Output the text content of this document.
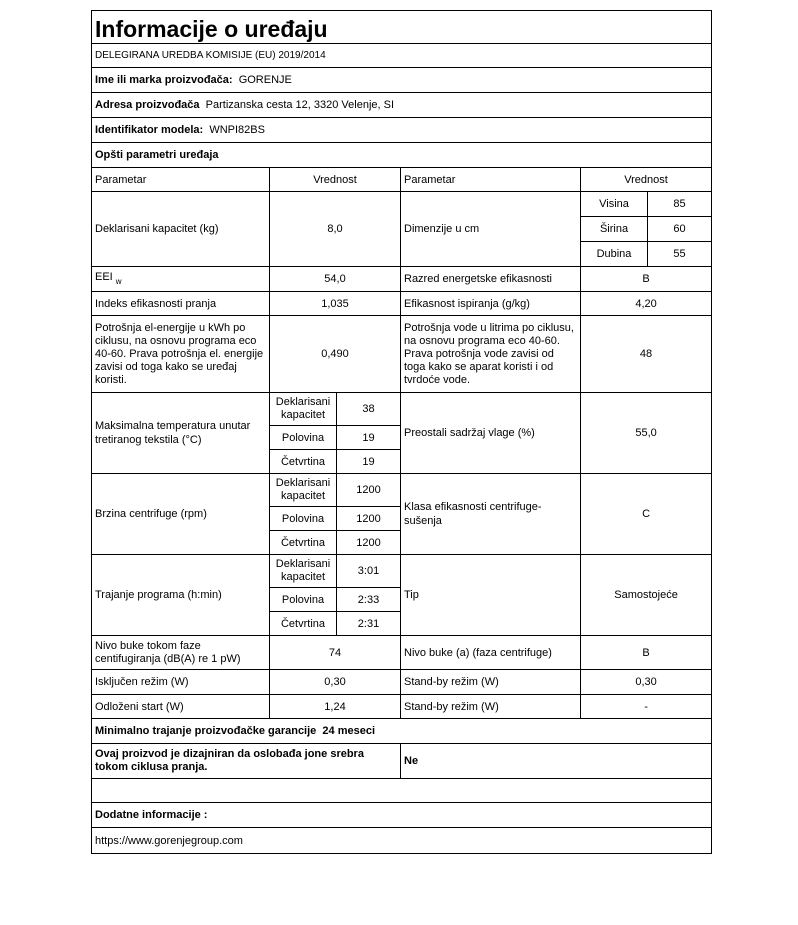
Informacije o uređaju					
DELEGIRANA UREDBA KOMISIJE (EU) 2019/2014					
Ime ili marka proizvođača: GORENJE					
Adresa proizvođača Partizanska cesta 12, 3320 Velenje, SI					
Identifikator modela: WNPI82BS					
Opšti parametri uređaja					
Parametar	Vrednost		Parametar	Vrednost	
Deklarisani kapacitet (kg)	8,0		Dimenzije u cm	Visina	85
				Širina	60
				Dubina	55
EEI $_w$	54,0		Razred energetske efikasnosti	B	
Indeks efikasnosti pranja	1,035		Efikasnost ispiranja (g/kg)	4,20	
Potrošnja el-energije u kWh po ciklusu, na osnovu programa eco 40-60. Prava potrošnja el. energije zavisi od toga kako se uređaj koristi.	0,490		Potrošnja vode u litrima po ciklusu, na osnovu programa eco 40-60. Prava potrošnja vode zavisi od toga kako se aparat koristi i od tvrdoće vode.	48	
Maksimalna temperatura unutar tretiranog tekstila (°C)	Deklarisani kapacitet	38	Preostali sadržaj vlage (%)	55,0	
	Polovina	19			
	Četvrtina	19			
Brzina centrifuge (rpm)	Deklarisani kapacitet	1200	Klasa efikasnosti centrifuge-sušenja	C	
	Polovina	1200			
	Četvrtina	1200			
Trajanje programa (h:min)	Deklarisani kapacitet	3:01	Tip	Samostojeće	
	Polovina	2:33			
	Četvrtina	2:31			
Nivo buke tokom faze centifugiranja (dB(A) re 1 pW)	74		Nivo buke (a) (faza centrifuge)	B	
Isključen režim (W)	0,30		Stand-by režim (W)	0,30	
Odloženi start (W)	1,24		Stand-by režim (W)	-	
Minimalno trajanje proizvođačke garancije 24 meseci					
Ovaj proizvod je dizajniran da oslobađa jone srebra tokom ciklusa pranja.			Ne		

Dodatne informacije :					
https://www.gorenjegroup.com					
